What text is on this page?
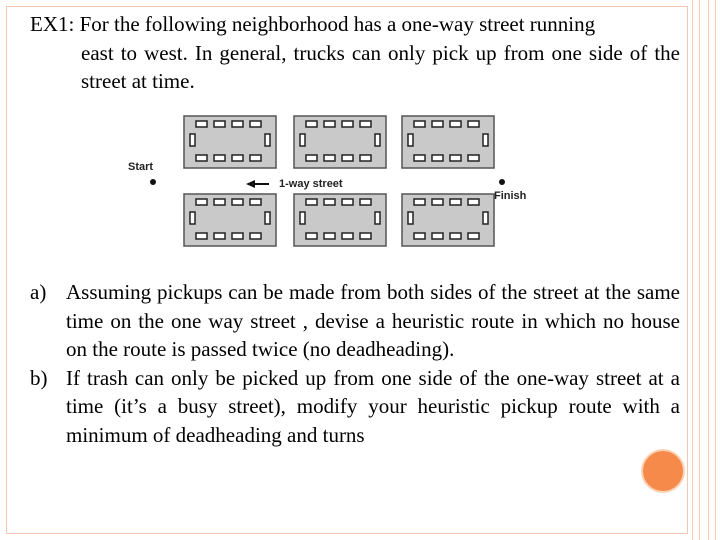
EX1: For the following neighborhood has a one-way street running
east to west. In general, trucks can only pick up from one side of the street at time.
Start
Finish
1-way street
a) Assuming pickups can be made from both sides of the street at the same time on the one way street , devise a heuristic route in which no house on the route is passed twice (no deadheading).
b) If trash can only be picked up from one side of the one-way street at a time (it’s a busy street), modify your heuristic pickup route with a minimum of deadheading and turns
